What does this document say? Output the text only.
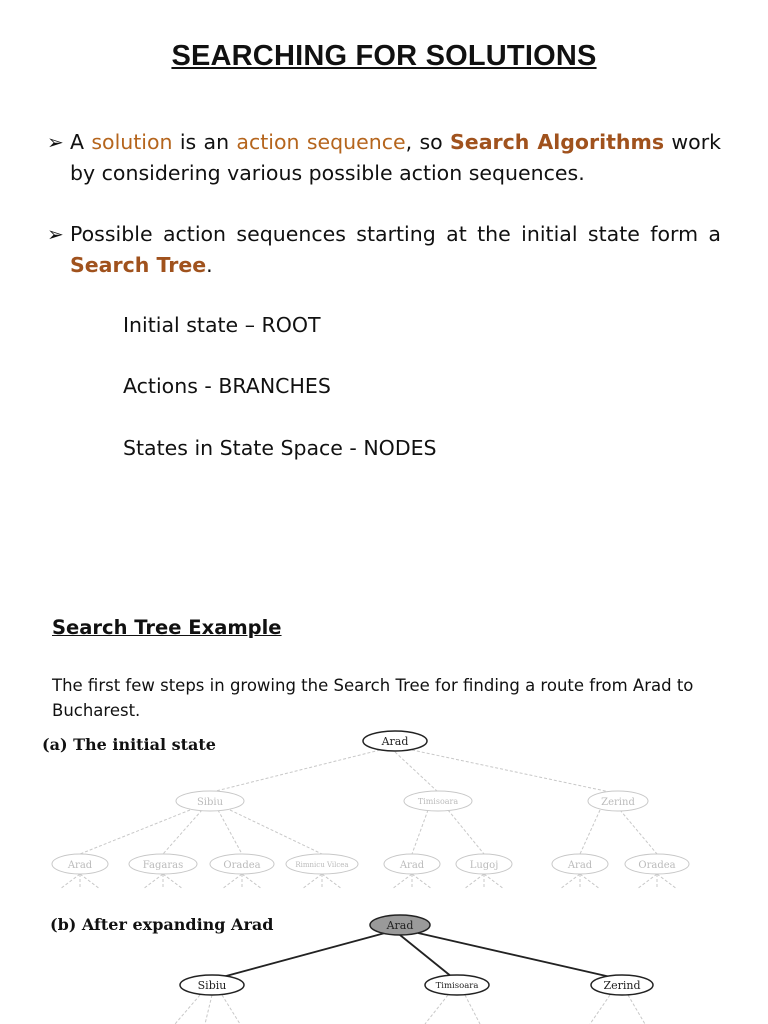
SEARCHING FOR SOLUTIONS
➢ A solution is an action sequence, so Search Algorithms work by considering various possible action sequences.
➢ Possible action sequences starting at the initial state form a Search Tree.
Initial state – ROOT
Actions - BRANCHES
States in State Space - NODES
Search Tree Example
The first few steps in growing the Search Tree for finding a route from Arad to Bucharest.
(a) The initial state
(b) After expanding Arad
Arad
Sibiu	Timisoara	Zerind
Arad	Fagaras	Oradea	Rimnicu Vilcea	Arad	Lugoj	Arad	Oradea
Arad
Sibiu	Timisoara	Zerind
